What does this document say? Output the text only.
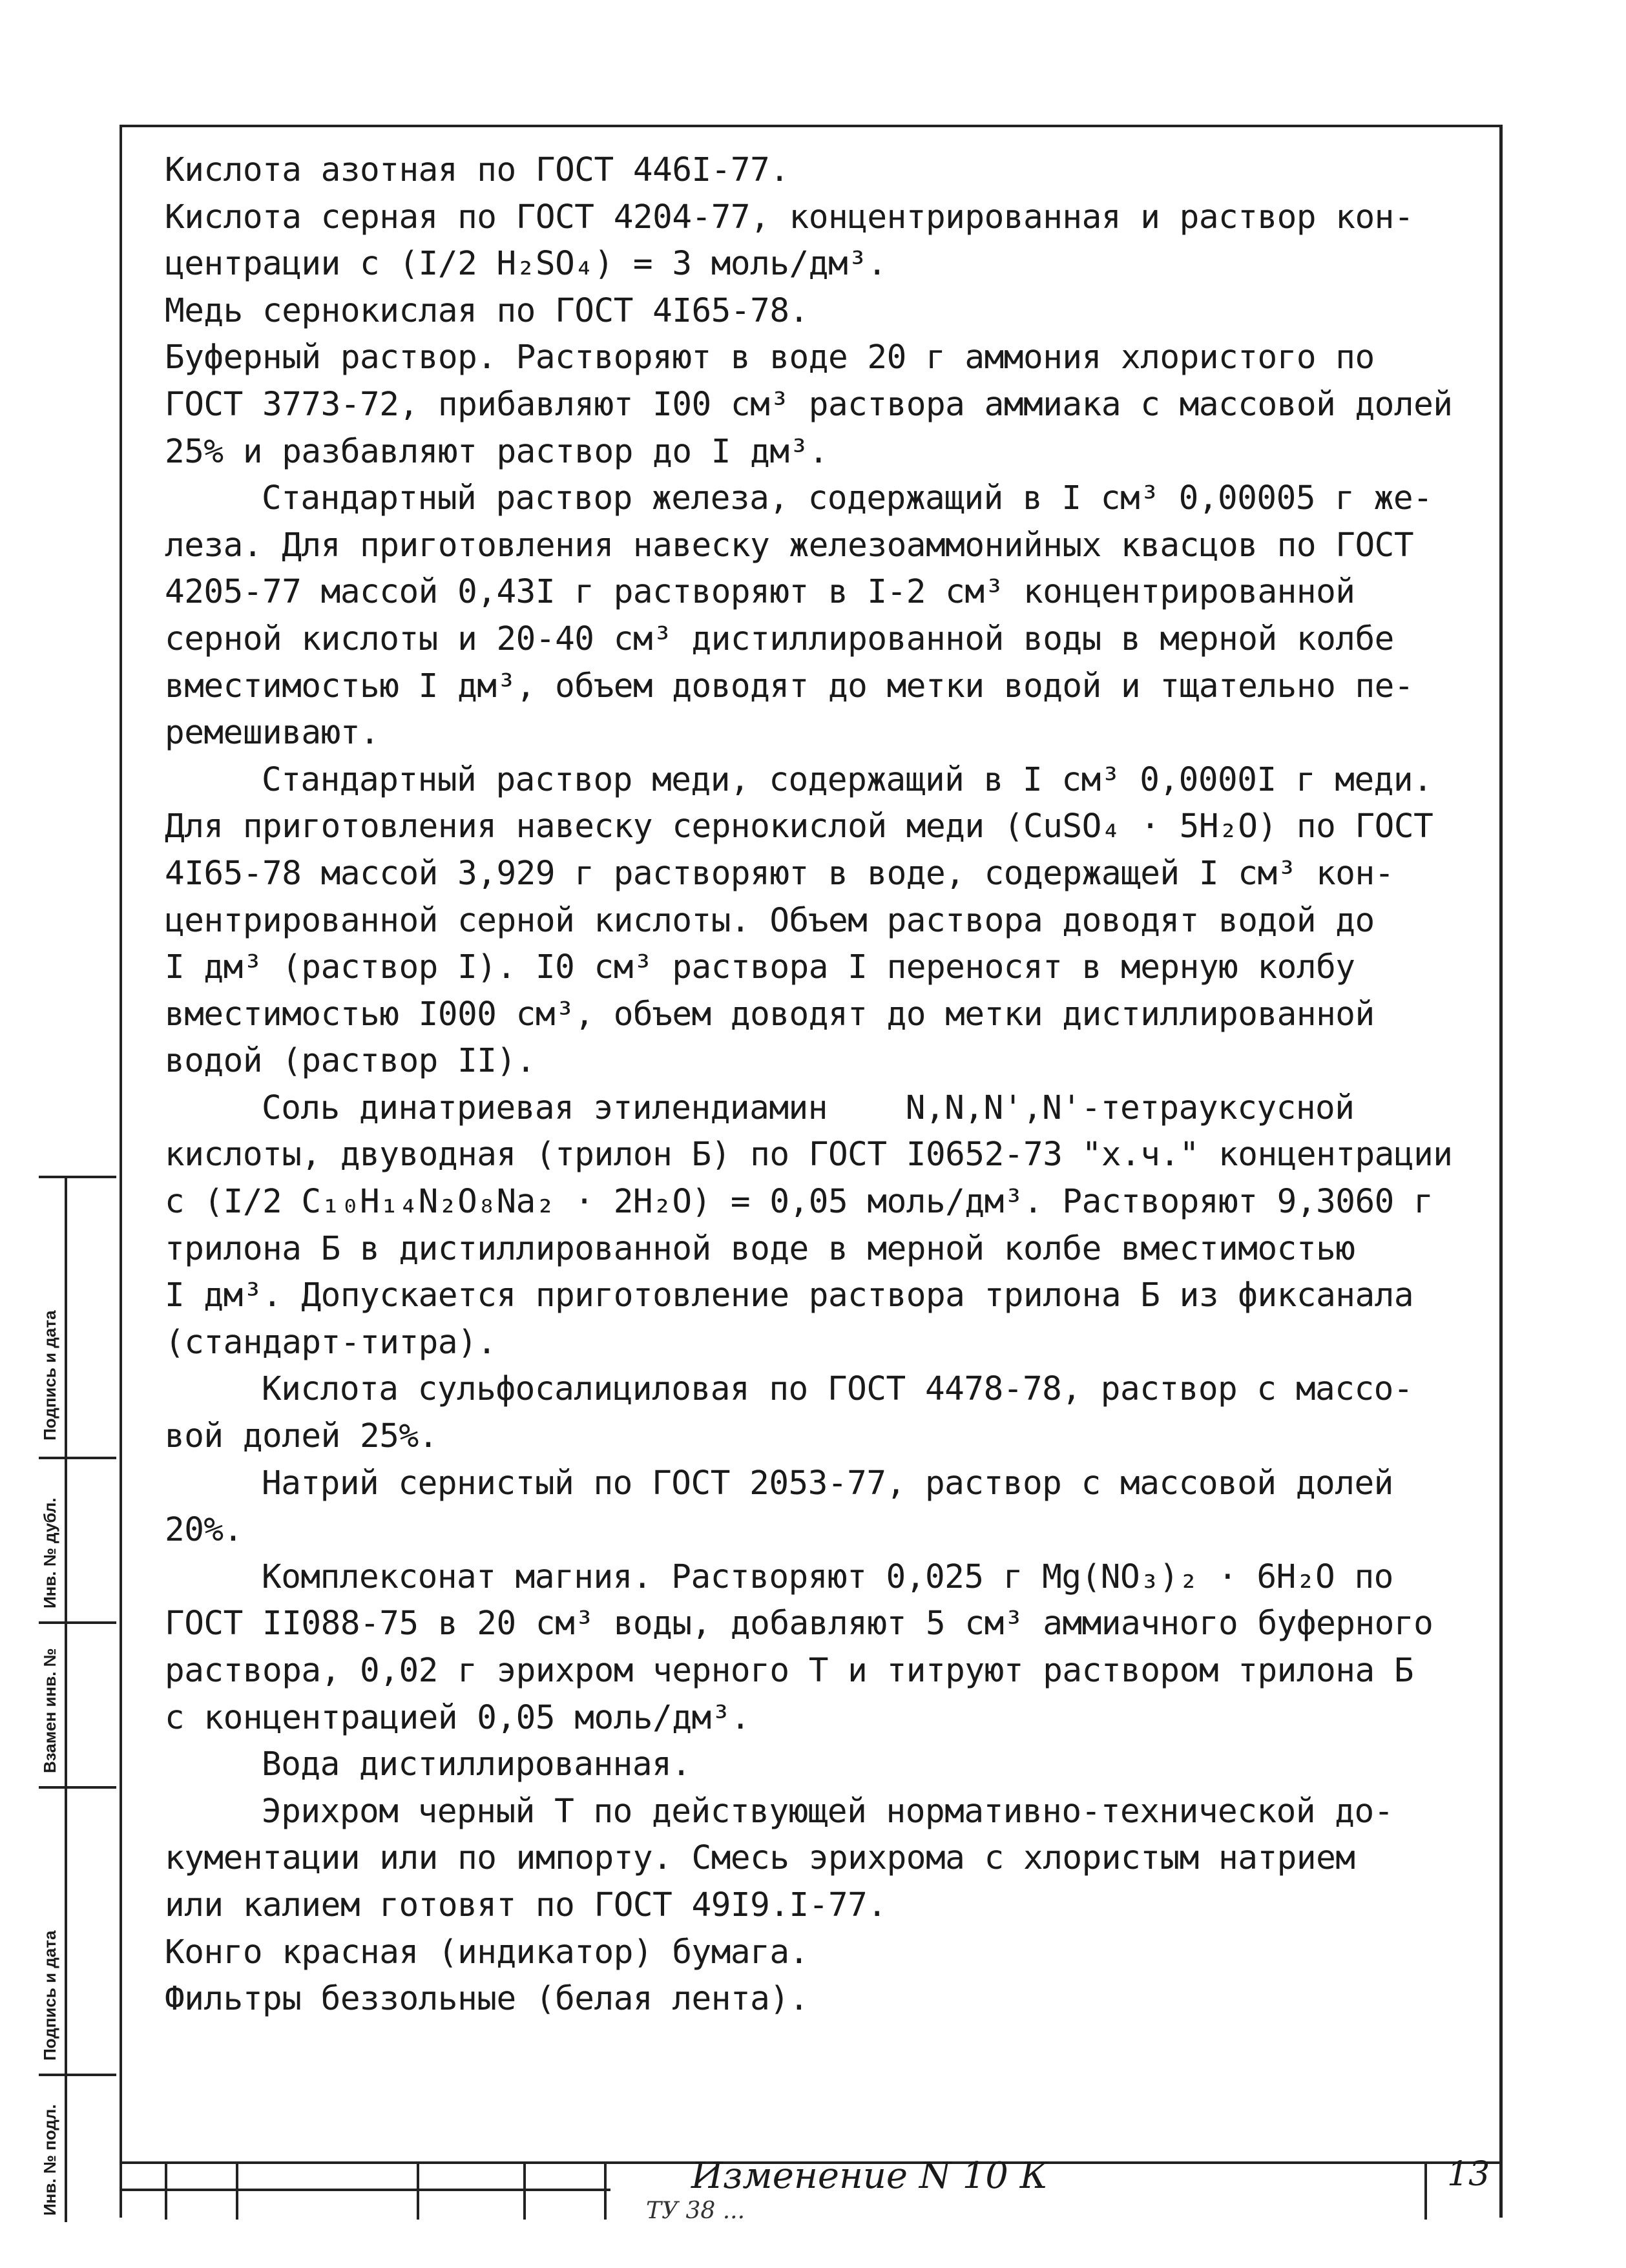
Кислота азотная по ГОСТ 446I-77.
Кислота серная по ГОСТ 4204-77, концентрированная и раствор кон-
центрации с (I/2 H₂SO₄) = 3 моль/дм³.
Медь сернокислая по ГОСТ 4I65-78.
Буферный раствор. Растворяют в воде 20 г аммония хлористого по
ГОСТ 3773-72, прибавляют I00 см³ раствора аммиака с массовой долей
25% и разбавляют раствор до I дм³.
Стандартный раствор железа, содержащий в I см³ 0,00005 г же-
леза. Для приготовления навеску железоаммонийных квасцов по ГОСТ
4205-77 массой 0,43I г растворяют в I-2 см³ концентрированной
серной кислоты и 20-40 см³ дистиллированной воды в мерной колбе
вместимостью I дм³, объем доводят до метки водой и тщательно пе-
ремешивают.
Стандартный раствор меди, содержащий в I см³ 0,0000I г меди.
Для приготовления навеску сернокислой меди (CuSO₄ · 5H₂O) по ГОСТ
4I65-78 массой 3,929 г растворяют в воде, содержащей I см³ кон-
центрированной серной кислоты. Объем раствора доводят водой до
I дм³ (раствор I). I0 см³ раствора I переносят в мерную колбу
вместимостью I000 см³, объем доводят до метки дистиллированной
водой (раствор II).
Соль динатриевая этилендиамин    N,N,N',N'-тетрауксусной
кислоты, двуводная (трилон Б) по ГОСТ I0652-73 "х.ч." концентрации
с (I/2 C₁₀H₁₄N₂O₈Na₂ · 2H₂O) = 0,05 моль/дм³. Растворяют 9,3060 г
трилона Б в дистиллированной воде в мерной колбе вместимостью
I дм³. Допускается приготовление раствора трилона Б из фиксанала
(стандарт-титра).
Кислота сульфосалициловая по ГОСТ 4478-78, раствор с массо-
вой долей 25%.
Натрий сернистый по ГОСТ 2053-77, раствор с массовой долей
20%.
Комплексонат магния. Растворяют 0,025 г Mg(NO₃)₂ · 6H₂O по
ГОСТ II088-75 в 20 см³ воды, добавляют 5 см³ аммиачного буферного
раствора, 0,02 г эрихром черного Т и титруют раствором трилона Б
с концентрацией 0,05 моль/дм³.
Вода дистиллированная.
Эрихром черный Т по действующей нормативно-технической до-
кументации или по импорту. Смесь эрихрома с хлористым натрием
или калием готовят по ГОСТ 49I9.I-77.
Конго красная (индикатор) бумага.
Фильтры беззольные (белая лента).
Подпись и дата
Инв. № дубл.
Взамен инв. №
Подпись и дата
Инв. № подл.	Изменение N 10 К
ТУ 38 ...
13
